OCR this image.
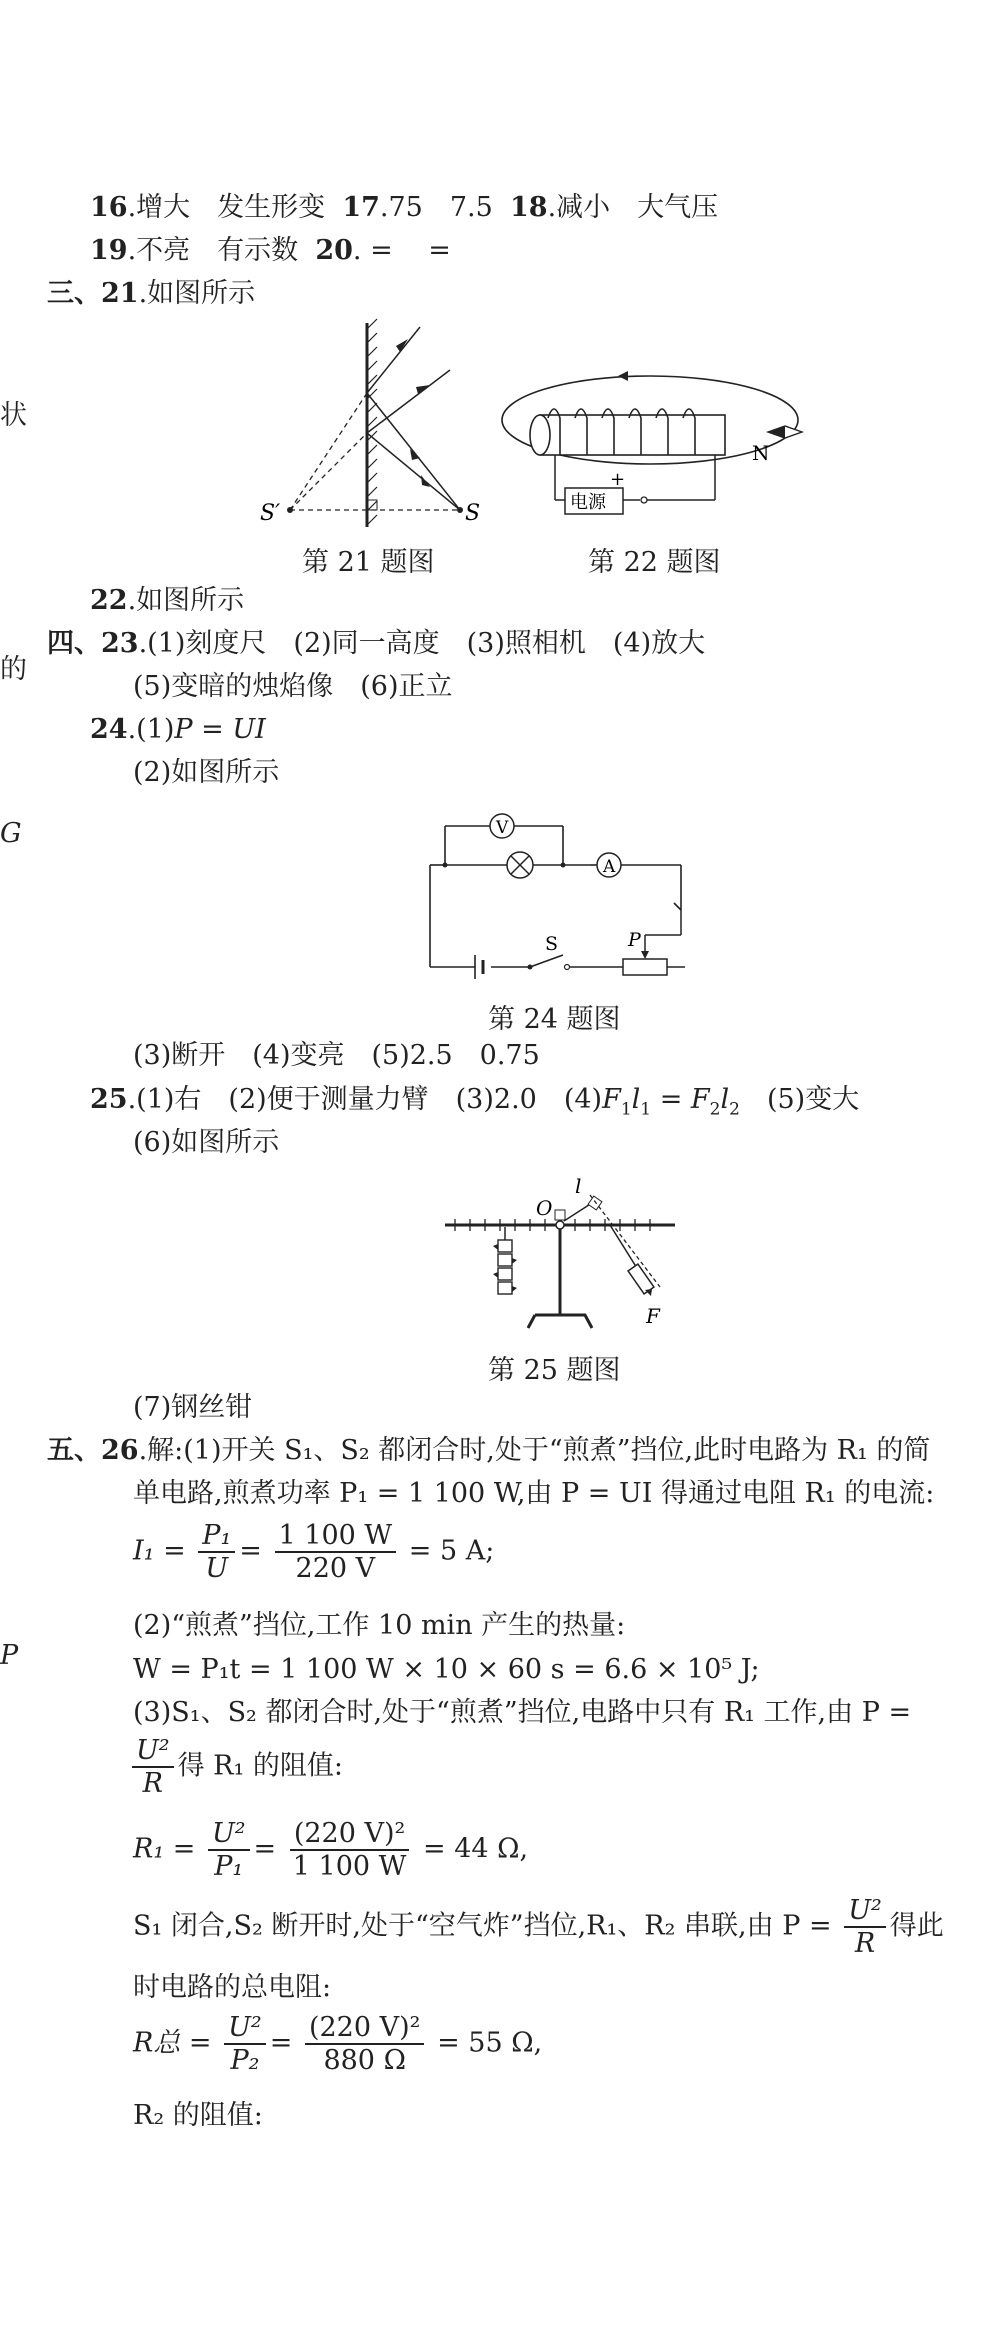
状
的
G
P
16.增大　发生形变 17.75　7.5 18.减小　大气压
19.不亮　有示数 20. =　 =
三、21.如图所示
S′	S
第 21 题图
电源
+
N
第 22 题图
22.如图所示
四、23.(1)刻度尺　(2)同一高度　(3)照相机　(4)放大
(5)变暗的烛焰像　(6)正立
24.(1)P = UI
(2)如图所示
V
A
S	P
第 24 题图
(3)断开　(4)变亮　(5)2.5　0.75
25.(1)右　(2)便于测量力臂　(3)2.0　$(4)F_1l_1 = F_2l_2$　(5)变大
(6)如图所示
O
l
F
第 25 题图
(7)钢丝钳
五、26.解:(1)开关 S₁、S₂ 都闭合时,处于“煎煮”挡位,此时电路为 R₁ 的简
单电路,煎煮功率 P₁ = 1 100 W,由 P = UI 得通过电阻 R₁ 的电流:
$I_1 = \frac{\text{P₁}}{U} = \frac{1 100 W}{220 V} = 5$ A;
(2)“煎煮”挡位,工作 10 min 产生的热量:
W = P₁t = 1 100 W × 10 × 60 s = 6.6 × 10⁵ J;
(3)S₁、S₂ 都闭合时,处于“煎煮”挡位,电路中只有 R₁ 工作,由 P =
$\frac{\text{U²}}{R}$ 得 R₁ 的阻值:
$R_1 = \frac{\text{U²}}{\text{P₁}} = \frac{\text{(220 V)²}}{1 100 W} = 44$ Ω,
S₁ 闭合,S₂ 断开时,处于“空气炸”挡位,R₁、R₂ 串联,由 $P = \frac{\text{U²}}{R}$ 得此
时电路的总电阻:
R总 = $\frac{\text{U²}}{\text{P₂}} = \frac{\text{(220 V)²}}{880 \Omega} = 55$ Ω,
R₂ 的阻值:
